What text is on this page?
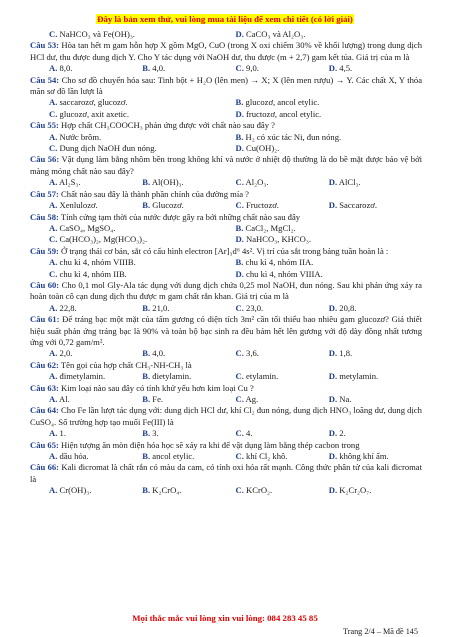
Đây là bản xem thử, vui lòng mua tài liệu để xem chi tiết (có lời giải)
C. NaHCO₃ và Fe(OH)₃.	D. CaCO₃ và Al₂O₃.
Câu 53: Hòa tan hết m gam hỗn hợp X gồm MgO, CuO (trong X oxi chiếm 30% về khối lượng) trong dung dịch HCl dư, thu được dung dịch Y. Cho Y tác dụng với NaOH dư, thu được (m + 2,7) gam kết tủa. Giá trị của m là
A. 8,0.	B. 4,0.	C. 9,0.	D. 4,5.
Câu 54: Cho sơ đồ chuyển hóa sau: Tinh bột + H₂O (lên men) → X; X (lên men rượu) → Y. Các chất X, Y thỏa mãn sơ đồ lần lượt là
A. saccarozơ, glucozơ.	B. glucozơ, ancol etylic.
C. glucozơ, axit axetic.	D. fructozơ, ancol etylic.
Câu 55: Hợp chất CH₃COOCH₃ phản ứng được với chất nào sau đây ?
A. Nước brôm.	B. H₂ có xúc tác Ni, đun nóng.
C. Dung dịch NaOH đun nóng.	D. Cu(OH)₂.
Câu 56: Vật dụng làm bằng nhôm bền trong không khí và nước ở nhiệt độ thường là do bề mặt được bảo vệ bởi màng mỏng chất nào sau đây?
A. Al₂S₃.	B. Al(OH)₃.	C. Al₂O₃.	D. AlCl₃.
Câu 57: Chất nào sau đây là thành phần chính của đường mía ?
A. Xenlulozơ.	B. Glucozơ.	C. Fructozơ.	D. Saccarozơ.
Câu 58: Tính cứng tạm thời của nước được gây ra bởi những chất nào sau đây
A. CaSO₄, MgSO₄.	B. CaCl₂, MgCl₂.
C. Ca(HCO₃)₂, Mg(HCO₃)₂.	D. NaHCO₃, KHCO₃.
Câu 59: Ở trạng thái cơ bản, sắt có cấu hình electron [Ar]₃d⁶ 4s². Vị trí của sắt trong bảng tuần hoàn là :
A. chu kì 4, nhóm VIIIB.	B. chu kì 4, nhóm IIA.
C. chu kì 4, nhóm IIB.	D. chu kì 4, nhóm VIIIA.
Câu 60: Cho 0,1 mol Gly-Ala tác dụng với dung dịch chứa 0,25 mol NaOH, đun nóng. Sau khi phản ứng xảy ra hoàn toàn cô cạn dung dịch thu được m gam chất rắn khan. Giá trị của m là
A. 22,8.	B. 21,0.	C. 23,0.	D. 20,8.
Câu 61: Để tráng bạc một mặt của tấm gương có diện tích 3m² cần tối thiểu bao nhiêu gam glucozơ? Giả thiết hiệu suất phản ứng tráng bạc là 90% và toàn bộ bạc sinh ra đều bám hết lên gương với độ dày đồng nhất tương ứng với 0,72 gam/m².
A. 2,0.	B. 4,0.	C. 3,6.	D. 1,8.
Câu 62: Tên gọi của hợp chất CH₃-NH-CH₃ là
A. đimetylamin.	B. đietylamin.	C. etylamin.	D. metylamin.
Câu 63: Kim loại nào sau đây có tính khử yếu hơn kim loại Cu ?
A. Al.	B. Fe.	C. Ag.	D. Na.
Câu 64: Cho Fe lần lượt tác dụng với: dung dịch HCl dư, khí Cl₂ đun nóng, dung dịch HNO₃ loãng dư, dung dịch CuSO₄. Số trường hợp tạo muối Fe(III) là
A. 1.	B. 3.	C. 4.	D. 2.
Câu 65: Hiện tượng ăn mòn điện hóa học sẽ xảy ra khi để vật dụng làm bằng thép cacbon trong
A. dầu hỏa.	B. ancol etylic.	C. khí Cl₂ khô.	D. không khí ẩm.
Câu 66: Kali đicromat là chất rắn có màu da cam, có tính oxi hóa rất mạnh. Công thức phân tử của kali đicromat là
A. Cr(OH)₃.	B. K₂CrO₄.	C. KCrO₂.	D. K₂Cr₂O₇.
Mọi thắc mắc vui lòng xin vui lòng: 084 283 45 85
Trang 2/4 – Mã đề 145
